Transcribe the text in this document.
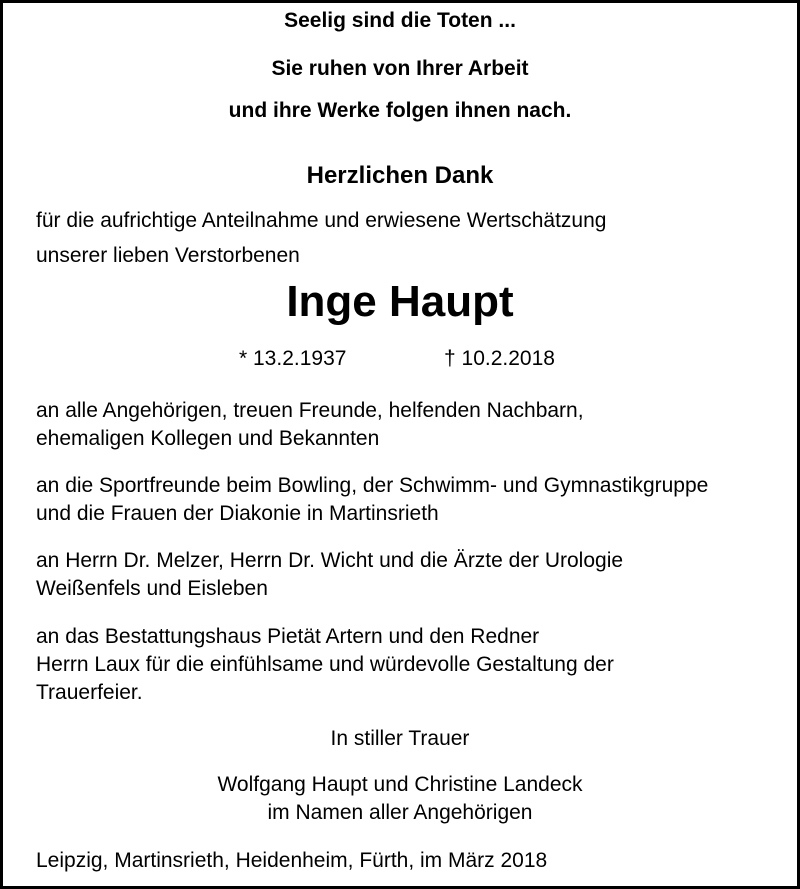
Seelig sind die Toten ...

Sie ruhen von Ihrer Arbeit

und ihre Werke folgen ihnen nach.

Herzlichen Dank

für die aufrichtige Anteilnahme und erwiesene Wertschätzung

unserer lieben Verstorbenen

Inge Haupt

* 13.2.1937	† 10.2.2018

an alle Angehörigen, treuen Freunde, helfenden Nachbarn,

ehemaligen Kollegen und Bekannten

an die Sportfreunde beim Bowling, der Schwimm- und Gymnastikgruppe

und die Frauen der Diakonie in Martinsrieth

an Herrn Dr. Melzer, Herrn Dr. Wicht und die Ärzte der Urologie

Weißenfels und Eisleben

an das Bestattungshaus Pietät Artern und den Redner

Herrn Laux für die einfühlsame und würdevolle Gestaltung der

Trauerfeier.

In stiller Trauer

Wolfgang Haupt und Christine Landeck

im Namen aller Angehörigen

Leipzig, Martinsrieth, Heidenheim, Fürth, im März 2018
